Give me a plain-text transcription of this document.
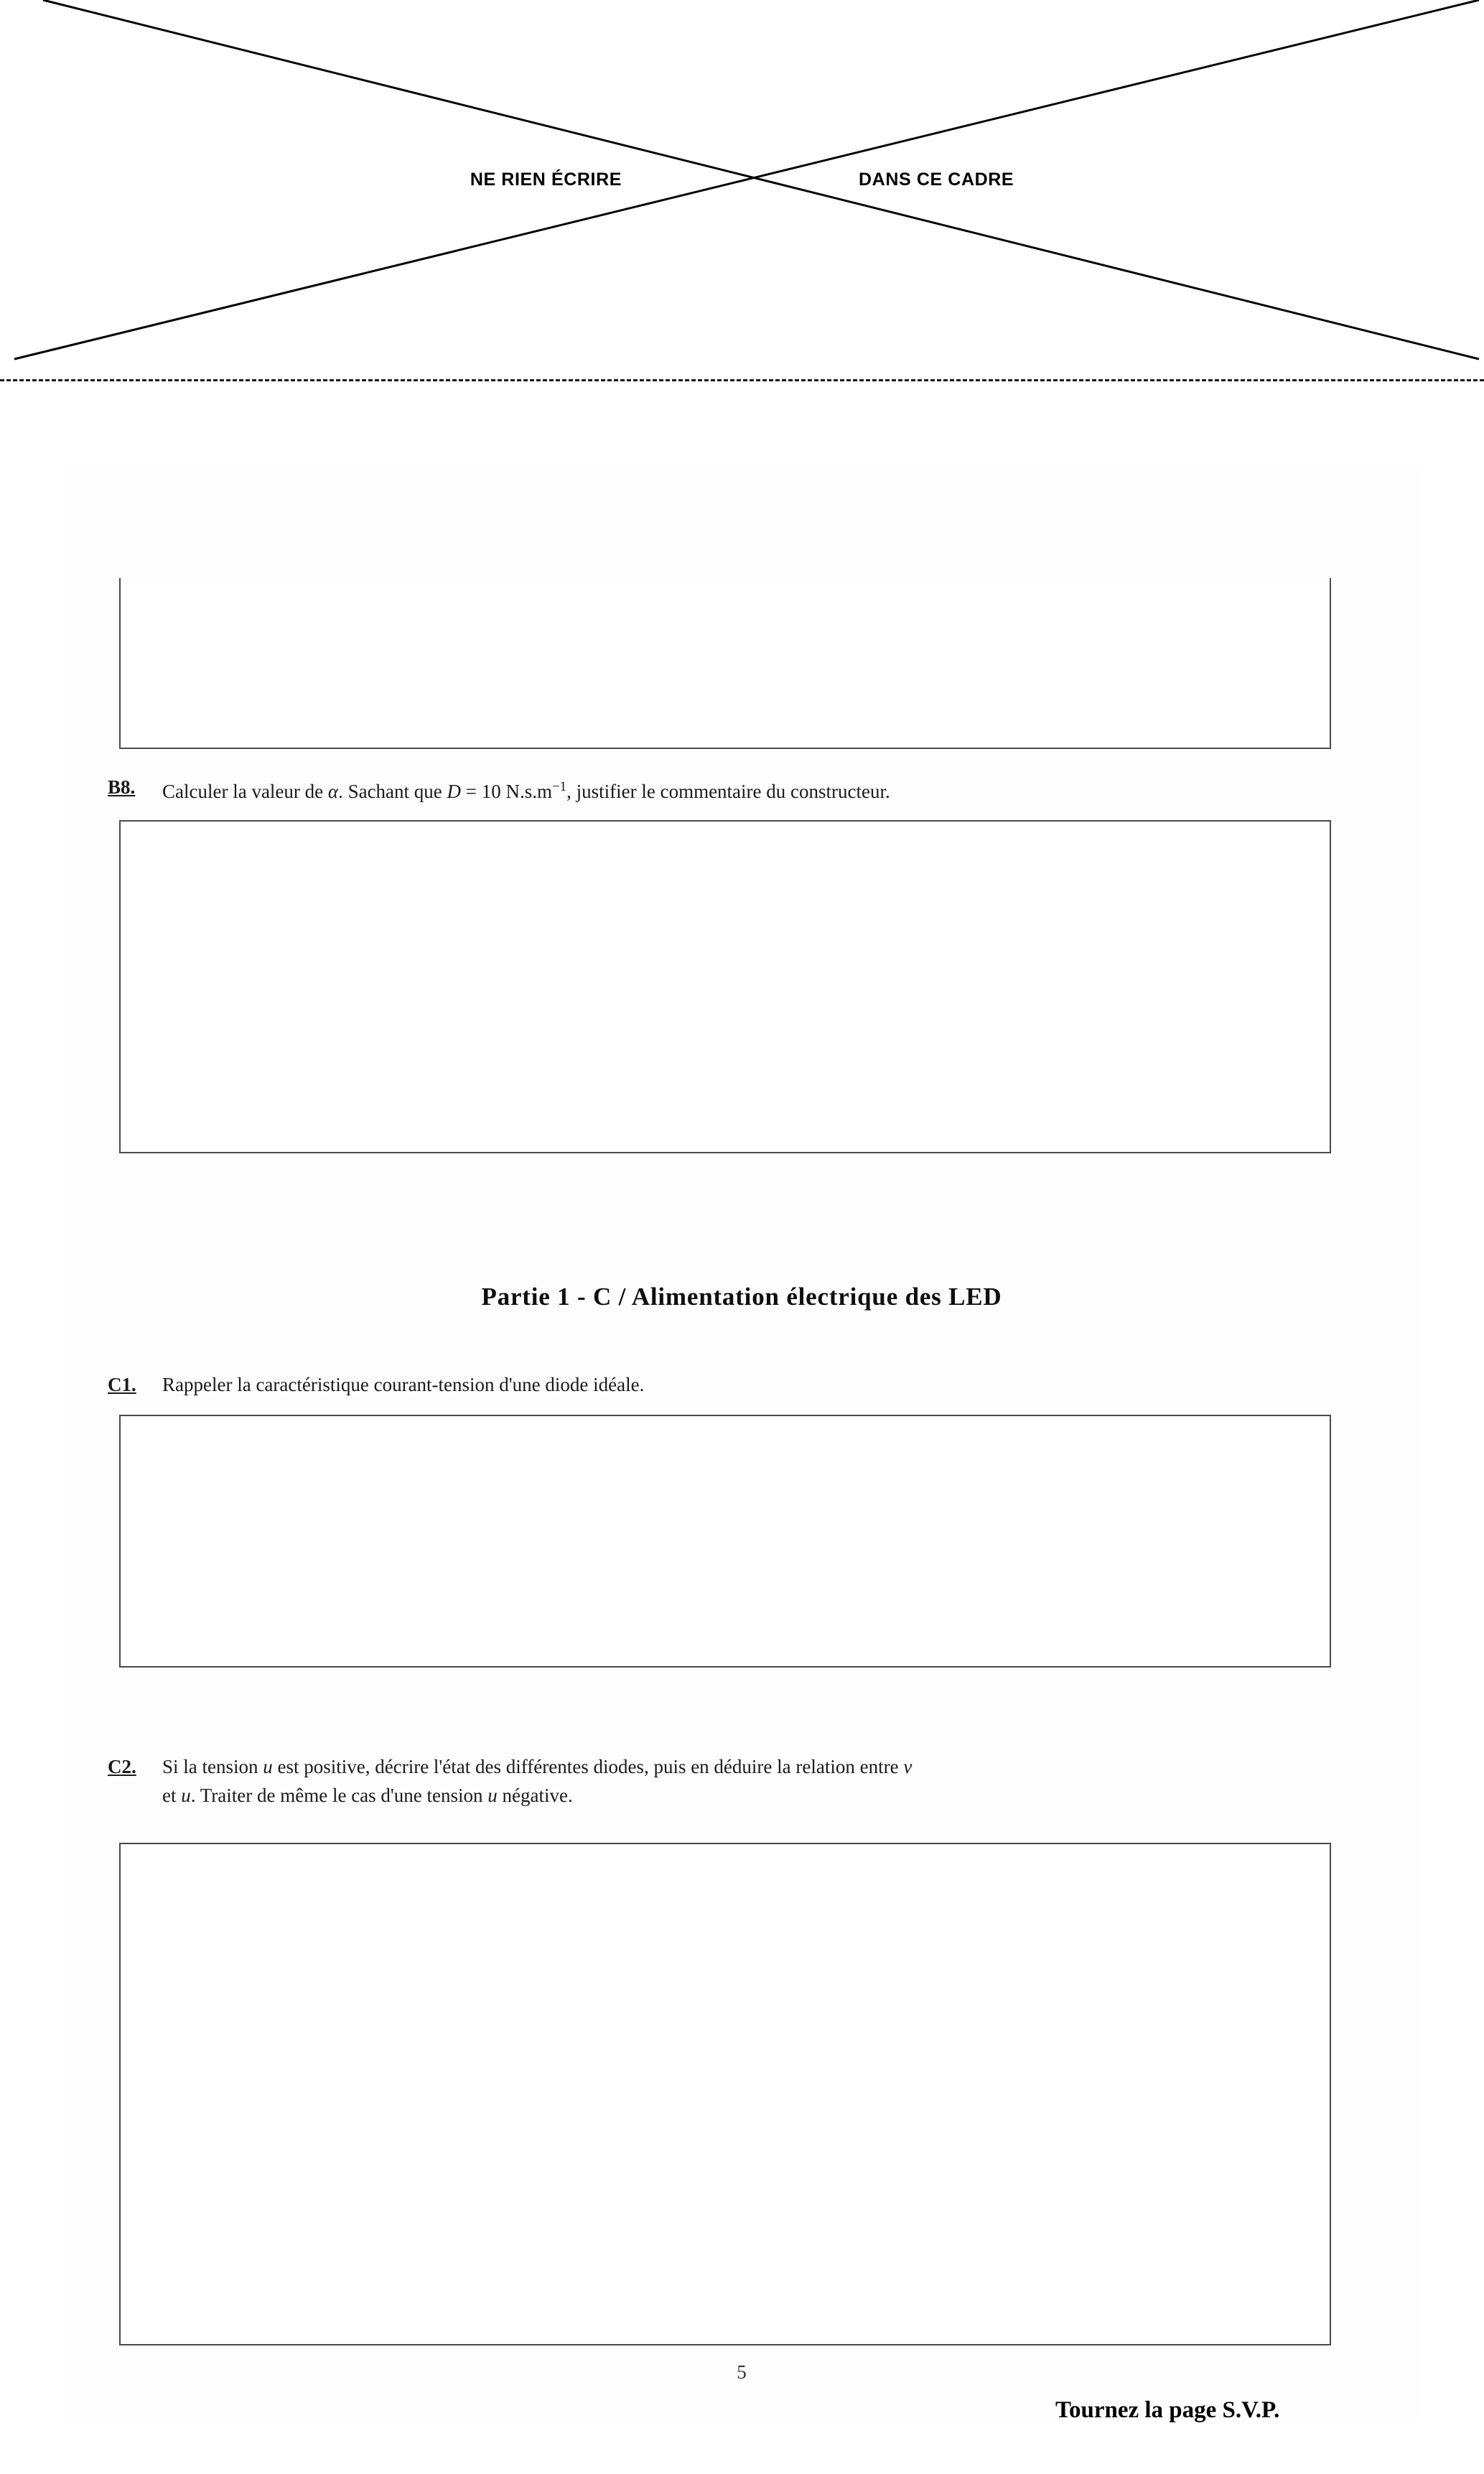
NE RIEN ÉCRIRE	DANS CE CADRE
B8. Calculer la valeur de α. Sachant que D = 10 $N.s.m^{-1}$, justifier le commentaire du constructeur.
Partie 1 - C / Alimentation électrique des LED
C1. Rappeler la caractéristique courant-tension d'une diode idéale.
C2. Si la tension u est positive, décrire l'état des différentes diodes, puis en déduire la relation entre v
et u. Traiter de même le cas d'une tension u négative.
5
Tournez la page S.V.P.
